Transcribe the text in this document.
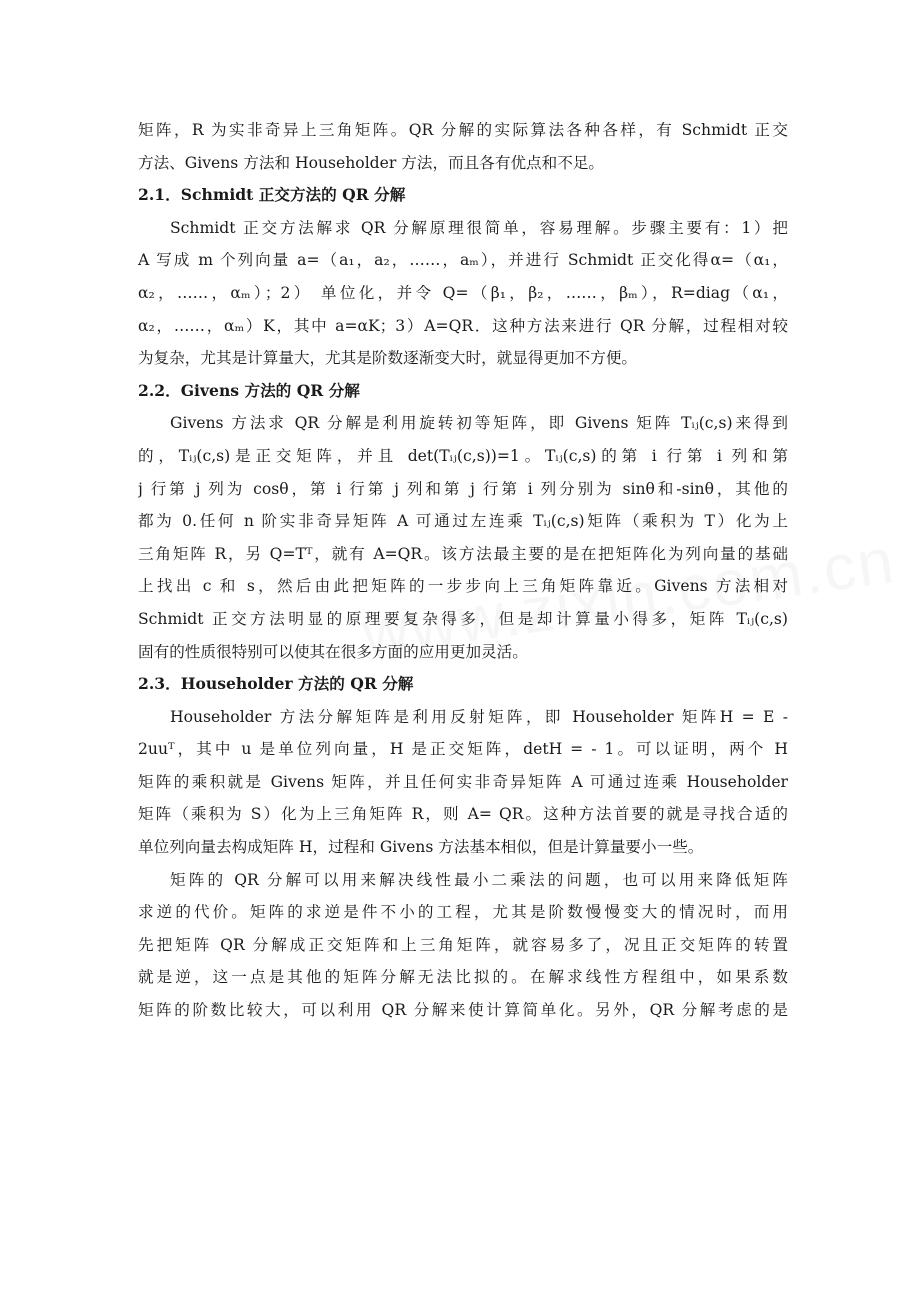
矩阵，R 为实非奇异上三角矩阵。QR 分解的实际算法各种各样，有 Schmidt 正交
方法、Givens 方法和 Householder 方法，而且各有优点和不足。
2.1．Schmidt 正交方法的 QR 分解
Schmidt 正交方法解求 QR 分解原理很简单，容易理解。步骤主要有：1）把
A 写成 m 个列向量 a=（a₁，a₂，……，aₘ），并进行 Schmidt 正交化得α=（α₁，
α₂，……，αₘ）；2） 单位化，并令 Q=（β₁，β₂，……，βₘ），R=diag（α₁，
α₂，……，αₘ）K，其中 a=αK；3）A=QR．这种方法来进行 QR 分解，过程相对较
为复杂，尤其是计算量大，尤其是阶数逐渐变大时，就显得更加不方便。
2.2．Givens 方法的 QR 分解
Givens 方法求 QR 分解是利用旋转初等矩阵，即 Givens 矩阵 Tᵢⱼ(c,s)来得到
的，Tᵢⱼ(c,s)是正交矩阵，并且 det(Tᵢⱼ(c,s))=1。Tᵢⱼ(c,s)的第 i 行第 i 列和第
j 行第 j 列为 cosθ，第 i 行第 j 列和第 j 行第 i 列分别为 sinθ和-sinθ，其他的
都为 0.任何 n 阶实非奇异矩阵 A 可通过左连乘 Tᵢⱼ(c,s)矩阵（乘积为 T）化为上
三角矩阵 R，另 Q=Tᵀ，就有 A=QR。该方法最主要的是在把矩阵化为列向量的基础
上找出 c 和 s，然后由此把矩阵的一步步向上三角矩阵靠近。Givens 方法相对
Schmidt 正交方法明显的原理要复杂得多，但是却计算量小得多，矩阵 Tᵢⱼ(c,s)
固有的性质很特别可以使其在很多方面的应用更加灵活。
2.3．Householder 方法的 QR 分解
Householder 方法分解矩阵是利用反射矩阵，即 Householder 矩阵H = E -
2uuᵀ，其中 u 是单位列向量，H 是正交矩阵，detH = - 1。可以证明，两个 H
矩阵的乘积就是 Givens 矩阵，并且任何实非奇异矩阵 A 可通过连乘 Householder
矩阵（乘积为 S）化为上三角矩阵 R，则 A= QR。这种方法首要的就是寻找合适的
单位列向量去构成矩阵 H，过程和 Givens 方法基本相似，但是计算量要小一些。
矩阵的 QR 分解可以用来解决线性最小二乘法的问题，也可以用来降低矩阵
求逆的代价。矩阵的求逆是件不小的工程，尤其是阶数慢慢变大的情况时，而用
先把矩阵 QR 分解成正交矩阵和上三角矩阵，就容易多了，况且正交矩阵的转置
就是逆，这一点是其他的矩阵分解无法比拟的。在解求线性方程组中，如果系数
矩阵的阶数比较大，可以利用 QR 分解来使计算简单化。另外，QR 分解考虑的是
